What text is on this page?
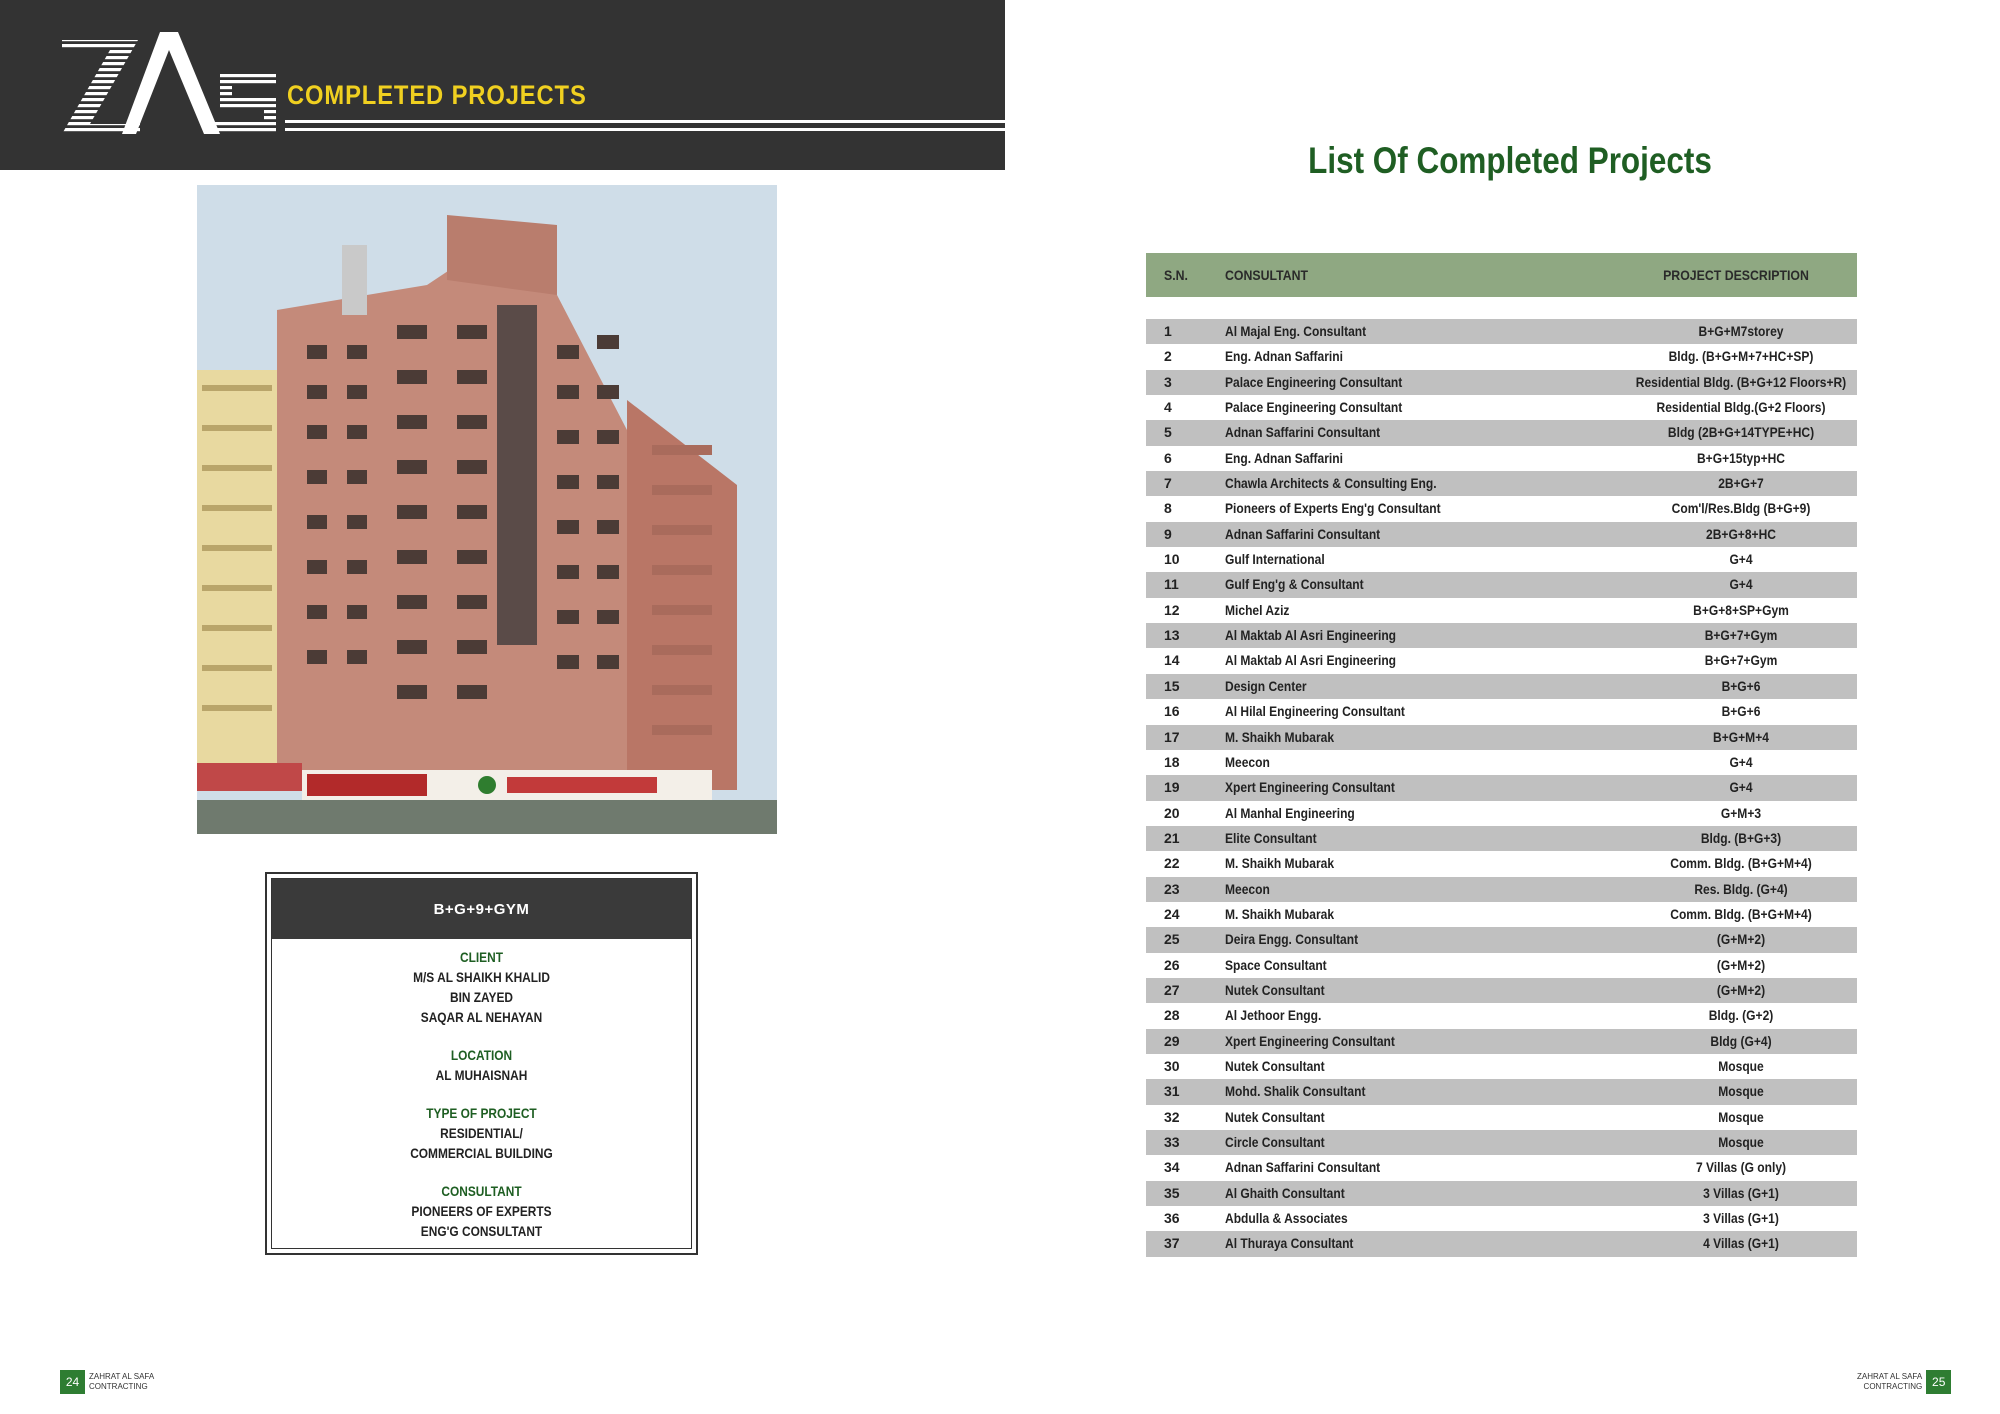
COMPLETED PROJECTS
B+G+9+GYM
CLIENT
M/S AL SHAIKH KHALID
BIN ZAYED
SAQAR AL NEHAYAN
LOCATION
AL MUHAISNAH
TYPE OF PROJECT
RESIDENTIAL/
COMMERCIAL BUILDING
CONSULTANT
PIONEERS OF EXPERTS
ENG'G CONSULTANT
24	ZAHRAT AL SAFA
CONTRACTING
List Of Completed Projects
S.N.	CONSULTANT	PROJECT DESCRIPTION
1	Al Majal Eng. Consultant	B+G+M7storey
2	Eng. Adnan Saffarini	Bldg. (B+G+M+7+HC+SP)
3	Palace Engineering Consultant	Residential Bldg. (B+G+12 Floors+R)
4	Palace Engineering Consultant	Residential Bldg.(G+2 Floors)
5	Adnan Saffarini Consultant	Bldg (2B+G+14TYPE+HC)
6	Eng. Adnan Saffarini	B+G+15typ+HC
7	Chawla Architects & Consulting Eng.	2B+G+7
8	Pioneers of Experts Eng'g Consultant	Com'l/Res.Bldg (B+G+9)
9	Adnan Saffarini Consultant	2B+G+8+HC
10	Gulf International	G+4
11	Gulf Eng'g & Consultant	G+4
12	Michel Aziz	B+G+8+SP+Gym
13	Al Maktab Al Asri Engineering	B+G+7+Gym
14	Al Maktab Al Asri Engineering	B+G+7+Gym
15	Design Center	B+G+6
16	Al Hilal Engineering Consultant	B+G+6
17	M. Shaikh Mubarak	B+G+M+4
18	Meecon	G+4
19	Xpert Engineering Consultant	G+4
20	Al Manhal Engineering	G+M+3
21	Elite Consultant	Bldg. (B+G+3)
22	M. Shaikh Mubarak	Comm. Bldg. (B+G+M+4)
23	Meecon	Res. Bldg. (G+4)
24	M. Shaikh Mubarak	Comm. Bldg. (B+G+M+4)
25	Deira Engg. Consultant	(G+M+2)
26	Space Consultant	(G+M+2)
27	Nutek Consultant	(G+M+2)
28	Al Jethoor Engg.	Bldg. (G+2)
29	Xpert Engineering Consultant	Bldg (G+4)
30	Nutek Consultant	Mosque
31	Mohd. Shalik Consultant	Mosque
32	Nutek Consultant	Mosque
33	Circle Consultant	Mosque
34	Adnan Saffarini Consultant	7 Villas (G only)
35	Al Ghaith Consultant	3 Villas (G+1)
36	Abdulla & Associates	3 Villas (G+1)
37	Al Thuraya Consultant	4 Villas (G+1)
ZAHRAT AL SAFA
CONTRACTING 25
